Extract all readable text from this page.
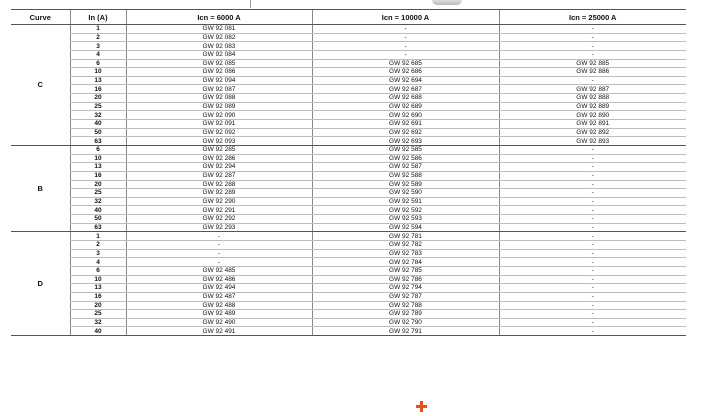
Curve	In (A)	Icn = 6000 A	Icn = 10000 A	Icn = 25000 A
C	1	GW 92 081	-	-
	2	GW 92 082	-	-
	3	GW 92 083	-	-
	4	GW 92 084	-	-
	6	GW 92 085	GW 92 685	GW 92 885
	10	GW 92 086	GW 92 686	GW 92 886
	13	GW 92 094	GW 92 694	-
	16	GW 92 087	GW 92 687	GW 92 887
	20	GW 92 088	GW 92 688	GW 92 888
	25	GW 92 089	GW 92 689	GW 92 889
	32	GW 92 090	GW 92 690	GW 92 890
	40	GW 92 091	GW 92 691	GW 92 891
	50	GW 92 092	GW 92 692	GW 92 892
	63	GW 92 093	GW 92 693	GW 92 893
B	6	GW 92 285	GW 92 585	-
	10	GW 92 286	GW 92 586	-
	13	GW 92 294	GW 92 587	-
	16	GW 92 287	GW 92 588	-
	20	GW 92 288	GW 92 589	-
	25	GW 92 289	GW 92 590	-
	32	GW 92 290	GW 92 591	-
	40	GW 92 291	GW 92 592	-
	50	GW 92 292	GW 92 593	-
	63	GW 92 293	GW 92 594	-
D	1	-	GW 92 781	-
	2	-	GW 92 782	-
	3	-	GW 92 783	-
	4	-	GW 92 784	-
	6	GW 92 485	GW 92 785	-
	10	GW 92 486	GW 92 786	-
	13	GW 92 494	GW 92 794	-
	16	GW 92 487	GW 92 787	-
	20	GW 92 488	GW 92 788	-
	25	GW 92 489	GW 92 789	-
	32	GW 92 490	GW 92 790	-
	40	GW 92 491	GW 92 791	-
